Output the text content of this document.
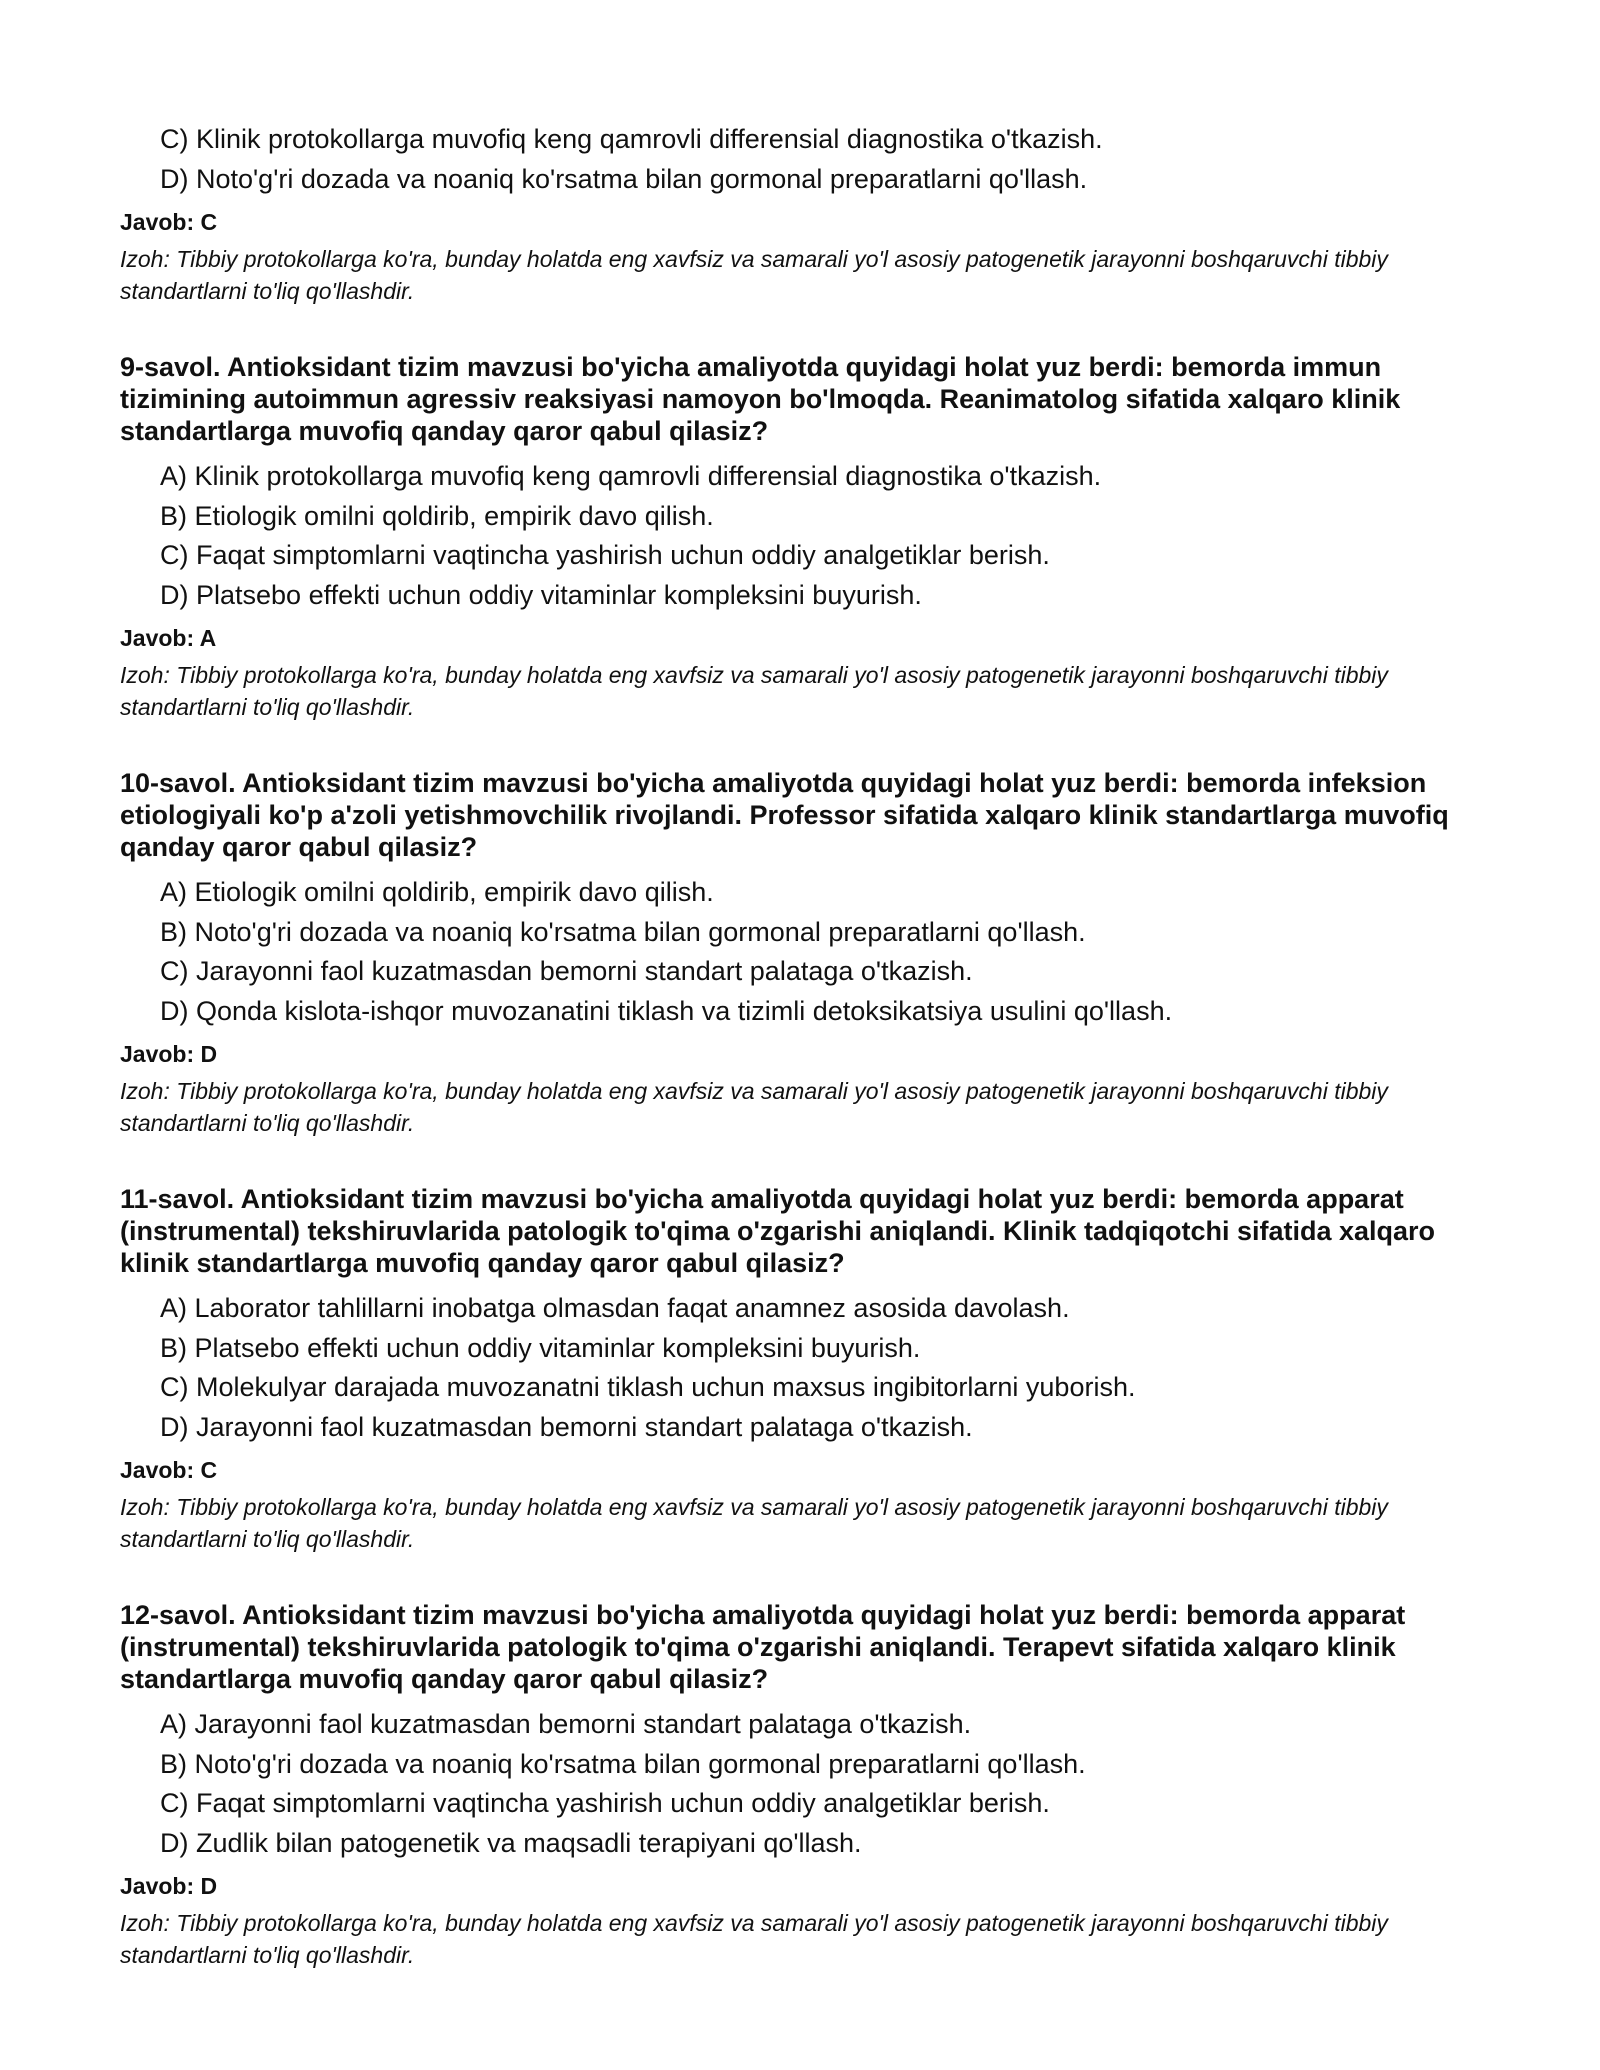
C) Klinik protokollarga muvofiq keng qamrovli differensial diagnostika o'tkazish.
D) Noto'g'ri dozada va noaniq ko'rsatma bilan gormonal preparatlarni qo'llash.
Javob: C

Izoh: Tibbiy protokollarga ko'ra, bunday holatda eng xavfsiz va samarali yo'l asosiy patogenetik jarayonni boshqaruvchi tibbiy standartlarni to'liq qo'llashdir.

9-savol. Antioksidant tizim mavzusi bo'yicha amaliyotda quyidagi holat yuz berdi: bemorda immun tizimining autoimmun agressiv reaksiyasi namoyon bo'lmoqda. Reanimatolog sifatida xalqaro klinik standartlarga muvofiq qanday qaror qabul qilasiz?
A) Klinik protokollarga muvofiq keng qamrovli differensial diagnostika o'tkazish.
B) Etiologik omilni qoldirib, empirik davo qilish.
C) Faqat simptomlarni vaqtincha yashirish uchun oddiy analgetiklar berish.
D) Platsebo effekti uchun oddiy vitaminlar kompleksini buyurish.
Javob: A

Izoh: Tibbiy protokollarga ko'ra, bunday holatda eng xavfsiz va samarali yo'l asosiy patogenetik jarayonni boshqaruvchi tibbiy standartlarni to'liq qo'llashdir.

10-savol. Antioksidant tizim mavzusi bo'yicha amaliyotda quyidagi holat yuz berdi: bemorda infeksion etiologiyali ko'p a'zoli yetishmovchilik rivojlandi. Professor sifatida xalqaro klinik standartlarga muvofiq qanday qaror qabul qilasiz?
A) Etiologik omilni qoldirib, empirik davo qilish.
B) Noto'g'ri dozada va noaniq ko'rsatma bilan gormonal preparatlarni qo'llash.
C) Jarayonni faol kuzatmasdan bemorni standart palataga o'tkazish.
D) Qonda kislota-ishqor muvozanatini tiklash va tizimli detoksikatsiya usulini qo'llash.
Javob: D

Izoh: Tibbiy protokollarga ko'ra, bunday holatda eng xavfsiz va samarali yo'l asosiy patogenetik jarayonni boshqaruvchi tibbiy standartlarni to'liq qo'llashdir.

11-savol. Antioksidant tizim mavzusi bo'yicha amaliyotda quyidagi holat yuz berdi: bemorda apparat (instrumental) tekshiruvlarida patologik to'qima o'zgarishi aniqlandi. Klinik tadqiqotchi sifatida xalqaro klinik standartlarga muvofiq qanday qaror qabul qilasiz?
A) Laborator tahlillarni inobatga olmasdan faqat anamnez asosida davolash.
B) Platsebo effekti uchun oddiy vitaminlar kompleksini buyurish.
C) Molekulyar darajada muvozanatni tiklash uchun maxsus ingibitorlarni yuborish.
D) Jarayonni faol kuzatmasdan bemorni standart palataga o'tkazish.
Javob: C

Izoh: Tibbiy protokollarga ko'ra, bunday holatda eng xavfsiz va samarali yo'l asosiy patogenetik jarayonni boshqaruvchi tibbiy standartlarni to'liq qo'llashdir.

12-savol. Antioksidant tizim mavzusi bo'yicha amaliyotda quyidagi holat yuz berdi: bemorda apparat (instrumental) tekshiruvlarida patologik to'qima o'zgarishi aniqlandi. Terapevt sifatida xalqaro klinik standartlarga muvofiq qanday qaror qabul qilasiz?
A) Jarayonni faol kuzatmasdan bemorni standart palataga o'tkazish.
B) Noto'g'ri dozada va noaniq ko'rsatma bilan gormonal preparatlarni qo'llash.
C) Faqat simptomlarni vaqtincha yashirish uchun oddiy analgetiklar berish.
D) Zudlik bilan patogenetik va maqsadli terapiyani qo'llash.
Javob: D

Izoh: Tibbiy protokollarga ko'ra, bunday holatda eng xavfsiz va samarali yo'l asosiy patogenetik jarayonni boshqaruvchi tibbiy standartlarni to'liq qo'llashdir.
